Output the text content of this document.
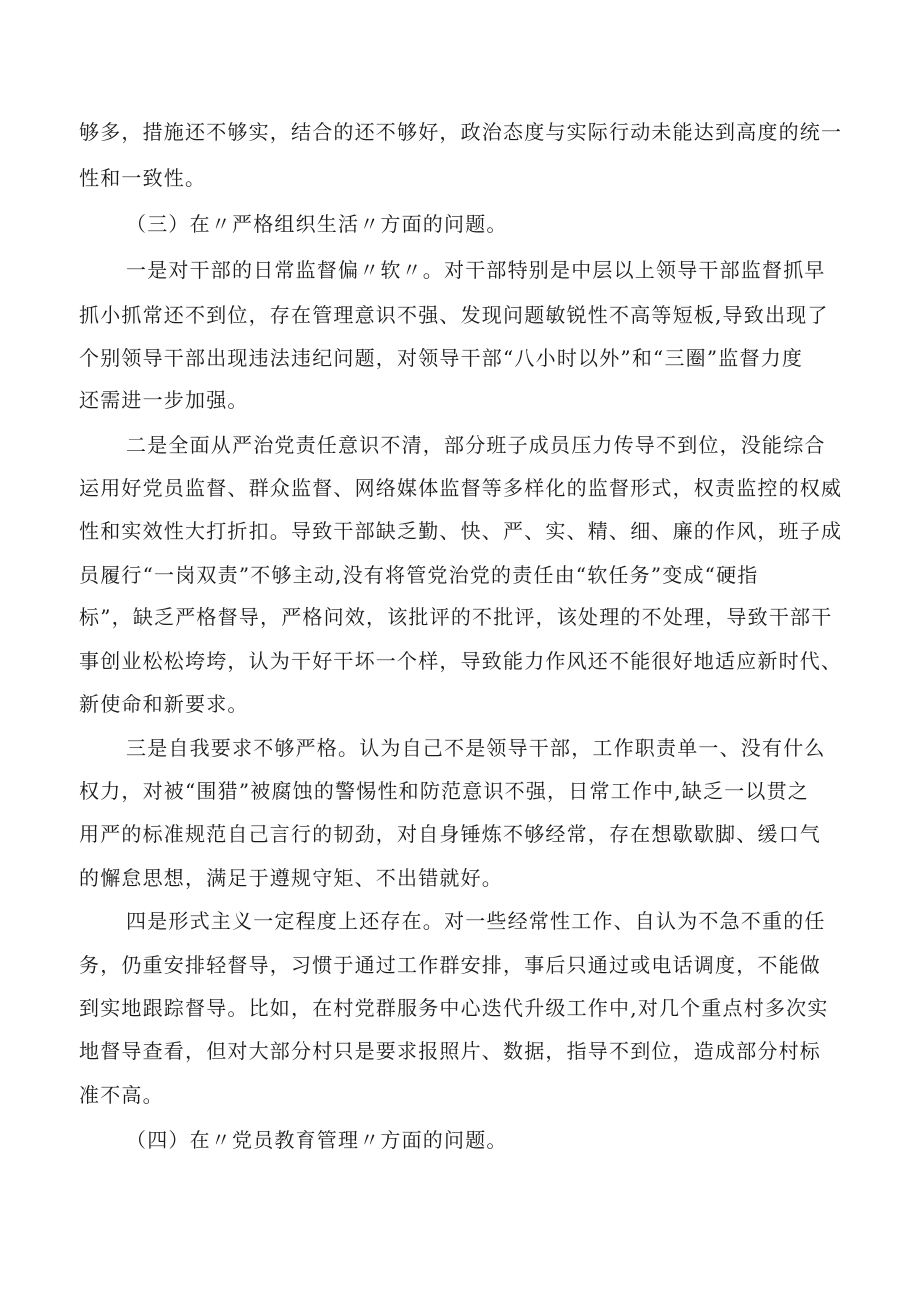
够多，措施还不够实，结合的还不够好，政治态度与实际行动未能达到高度的统一
性和一致性。
（三）在〃严格组织生活〃方面的问题。
一是对干部的日常监督偏〃软〃。对干部特别是中层以上领导干部监督抓早
抓小抓常还不到位，存在管理意识不强、发现问题敏锐性不高等短板,导致出现了
个别领导干部出现违法违纪问题，对领导干部“八小时以外”和“三圈”监督力度
还需进一步加强。
二是全面从严治党责任意识不清，部分班子成员压力传导不到位，没能综合
运用好党员监督、群众监督、网络媒体监督等多样化的监督形式，权责监控的权威
性和实效性大打折扣。导致干部缺乏勤、快、严、实、精、细、廉的作风，班子成
员履行“一岗双责”不够主动,没有将管党治党的责任由“软任务”变成“硬指
标”，缺乏严格督导，严格问效，该批评的不批评，该处理的不处理，导致干部干
事创业松松垮垮，认为干好干坏一个样，导致能力作风还不能很好地适应新时代、
新使命和新要求。
三是自我要求不够严格。认为自己不是领导干部，工作职责单一、没有什么
权力，对被“围猎”被腐蚀的警惕性和防范意识不强，日常工作中,缺乏一以贯之
用严的标准规范自己言行的韧劲，对自身锤炼不够经常，存在想歇歇脚、缓口气
的懈怠思想，满足于遵规守矩、不出错就好。
四是形式主义一定程度上还存在。对一些经常性工作、自认为不急不重的任
务，仍重安排轻督导，习惯于通过工作群安排，事后只通过或电话调度，不能做
到实地跟踪督导。比如，在村党群服务中心迭代升级工作中,对几个重点村多次实
地督导查看，但对大部分村只是要求报照片、数据，指导不到位，造成部分村标
准不高。
（四）在〃党员教育管理〃方面的问题。
